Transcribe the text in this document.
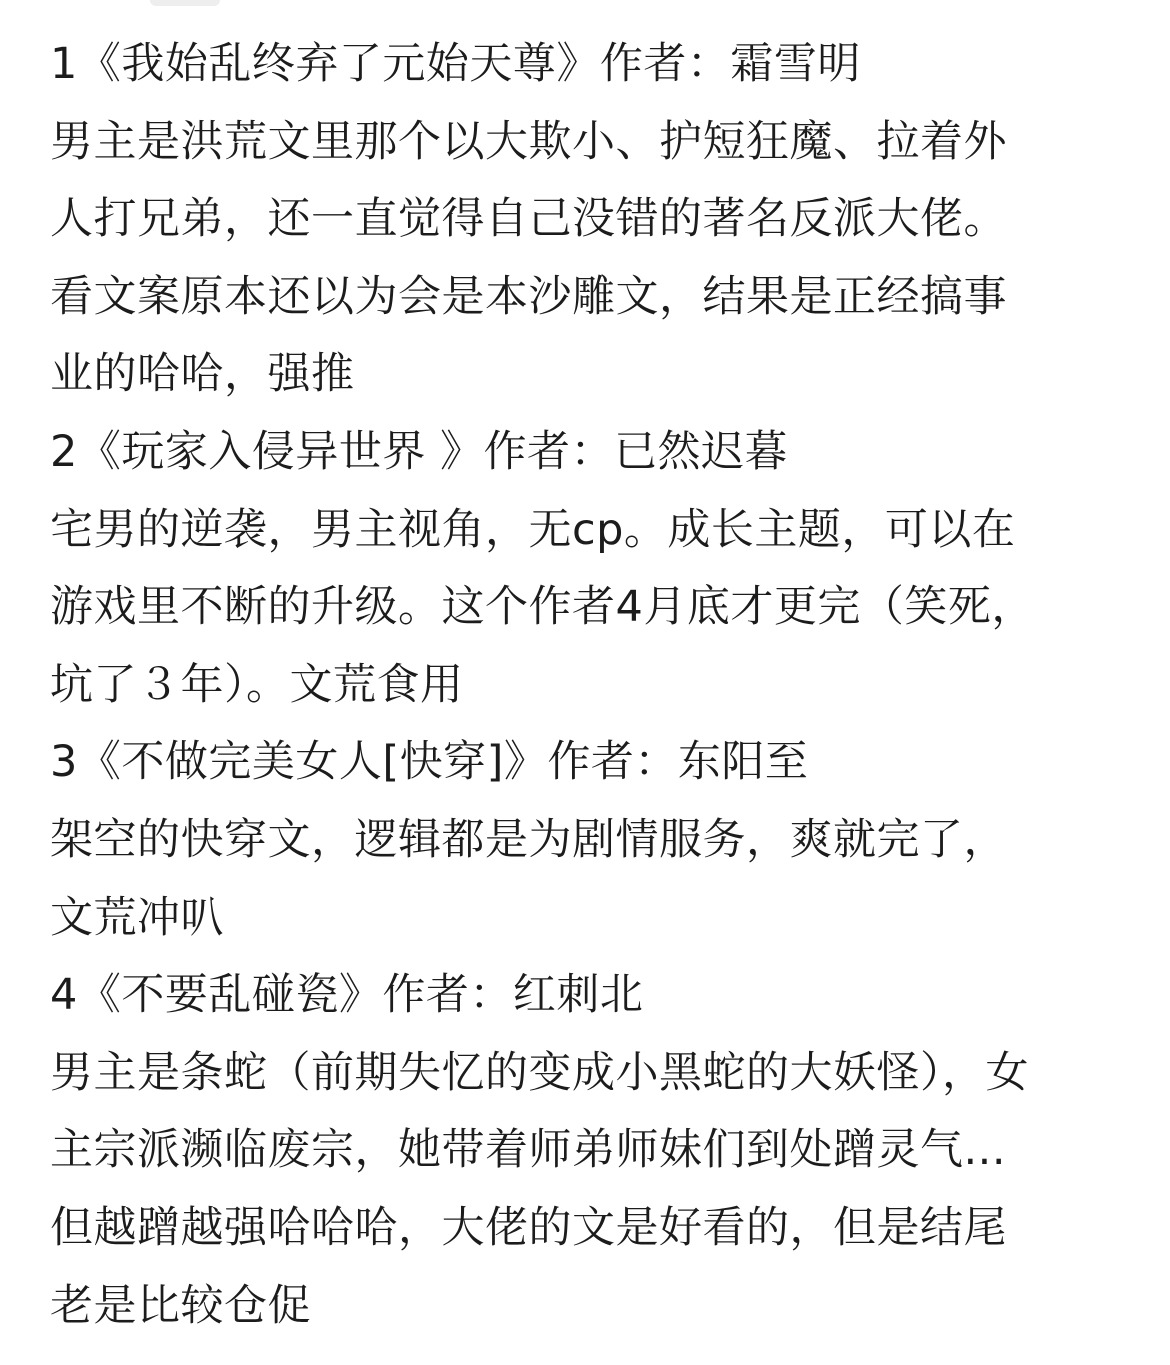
1《我始乱终弃了元始天尊》作者：霜雪明
男主是洪荒文里那个以大欺小、护短狂魔、拉着外
人打兄弟，还一直觉得自己没错的著名反派大佬。
看文案原本还以为会是本沙雕文，结果是正经搞事
业的哈哈，强推
2《玩家入侵异世界 》作者：已然迟暮
宅男的逆袭，男主视角，无cp。成长主题，可以在
游戏里不断的升级。这个作者4月底才更完（笑死，
坑了３年）。文荒食用
3《不做完美女人[快穿]》作者：东阳至
架空的快穿文，逻辑都是为剧情服务，爽就完了，
文荒冲叭
4《不要乱碰瓷》作者：红刺北
男主是条蛇（前期失忆的变成小黑蛇的大妖怪），女
主宗派濒临废宗，她带着师弟师妹们到处蹭灵气...
但越蹭越强哈哈哈，大佬的文是好看的，但是结尾
老是比较仓促
